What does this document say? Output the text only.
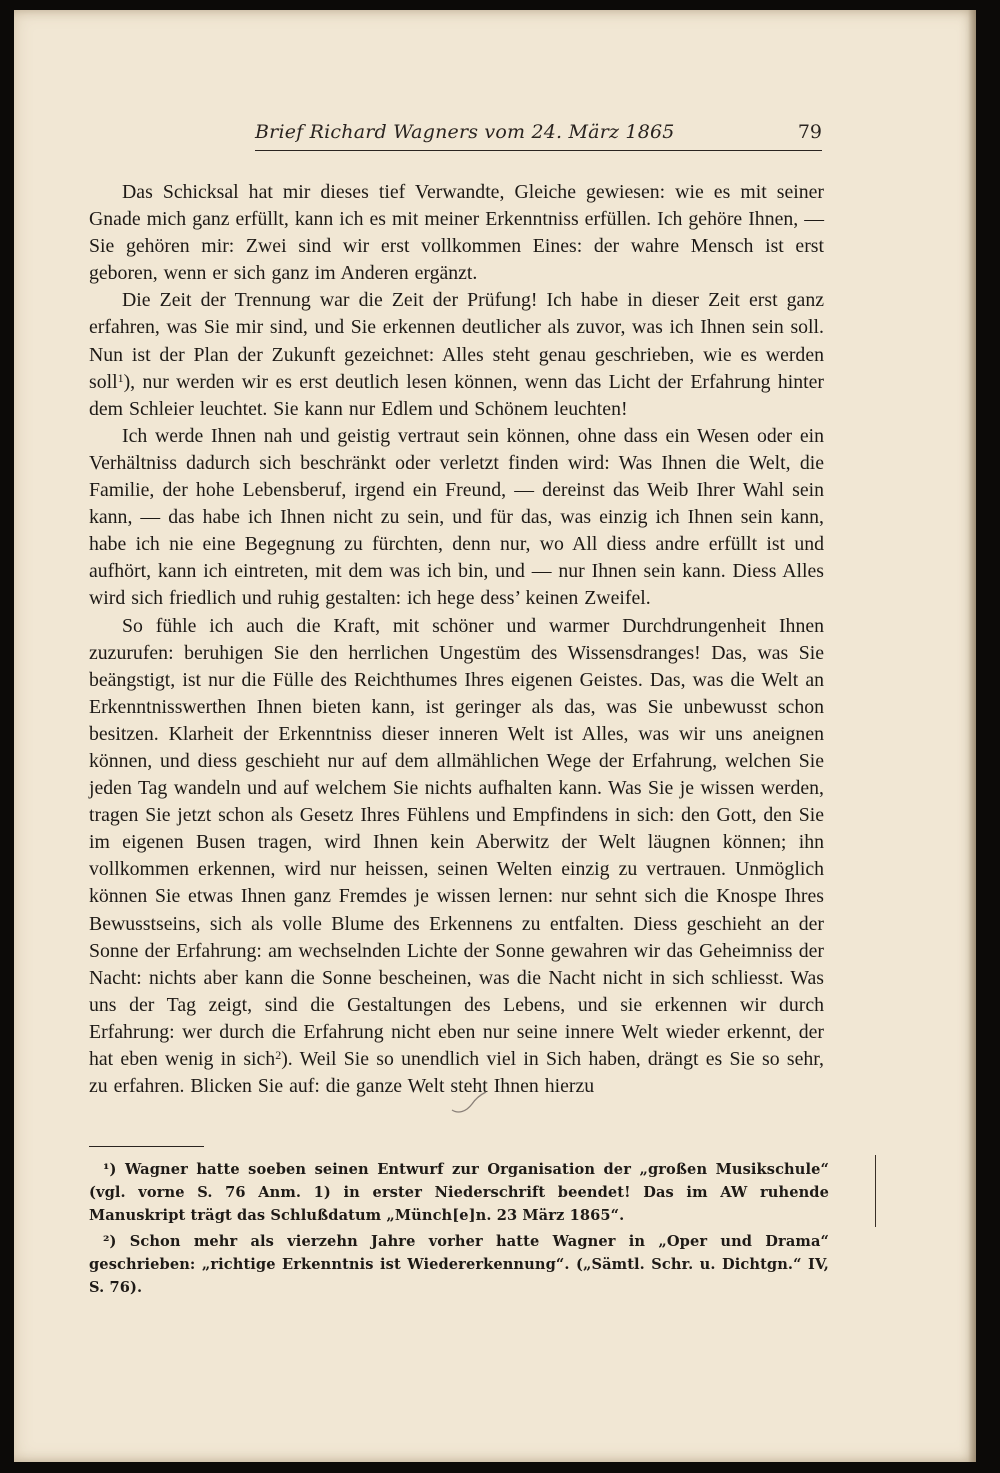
Brief Richard Wagners vom 24. März 1865	79

Das Schicksal hat mir dieses tief Verwandte, Gleiche gewiesen: wie es mit seiner Gnade mich ganz erfüllt, kann ich es mit meiner Erkenntniss erfüllen. Ich gehöre Ihnen, — Sie gehören mir: Zwei sind wir erst vollkommen Eines: der wahre Mensch ist erst geboren, wenn er sich ganz im Anderen ergänzt.

Die Zeit der Trennung war die Zeit der Prüfung! Ich habe in dieser Zeit erst ganz erfahren, was Sie mir sind, und Sie erkennen deutlicher als zuvor, was ich Ihnen sein soll. Nun ist der Plan der Zukunft gezeichnet: Alles steht genau geschrieben, wie es werden soll$^1$), nur werden wir es erst deutlich lesen können, wenn das Licht der Erfahrung hinter dem Schleier leuchtet. Sie kann nur Edlem und Schönem leuchten!

Ich werde Ihnen nah und geistig vertraut sein können, ohne dass ein Wesen oder ein Verhältniss dadurch sich beschränkt oder verletzt finden wird: Was Ihnen die Welt, die Familie, der hohe Lebensberuf, irgend ein Freund, — dereinst das Weib Ihrer Wahl sein kann, — das habe ich Ihnen nicht zu sein, und für das, was einzig ich Ihnen sein kann, habe ich nie eine Begegnung zu fürchten, denn nur, wo All diess andre erfüllt ist und aufhört, kann ich eintreten, mit dem was ich bin, und — nur Ihnen sein kann. Diess Alles wird sich friedlich und ruhig gestalten: ich hege dess’ keinen Zweifel.

So fühle ich auch die Kraft, mit schöner und warmer Durchdrungenheit Ihnen zuzurufen: beruhigen Sie den herrlichen Ungestüm des Wissensdranges! Das, was Sie beängstigt, ist nur die Fülle des Reichthumes Ihres eigenen Geistes. Das, was die Welt an Erkenntnisswerthen Ihnen bieten kann, ist geringer als das, was Sie unbewusst schon besitzen. Klarheit der Erkenntniss dieser inneren Welt ist Alles, was wir uns aneignen können, und diess geschieht nur auf dem allmählichen Wege der Erfahrung, welchen Sie jeden Tag wandeln und auf welchem Sie nichts aufhalten kann. Was Sie je wissen werden, tragen Sie jetzt schon als Gesetz Ihres Fühlens und Empfindens in sich: den Gott, den Sie im eigenen Busen tragen, wird Ihnen kein Aberwitz der Welt läugnen können; ihn vollkommen erkennen, wird nur heissen, seinen Welten einzig zu vertrauen. Unmöglich können Sie etwas Ihnen ganz Fremdes je wissen lernen: nur sehnt sich die Knospe Ihres Bewusstseins, sich als volle Blume des Erkennens zu entfalten. Diess geschieht an der Sonne der Erfahrung: am wechselnden Lichte der Sonne gewahren wir das Geheimniss der Nacht: nichts aber kann die Sonne bescheinen, was die Nacht nicht in sich schliesst. Was uns der Tag zeigt, sind die Gestaltungen des Lebens, und sie erkennen wir durch Erfahrung: wer durch die Erfahrung nicht eben nur seine innere Welt wieder erkennt, der hat eben wenig in sich$^2$). Weil Sie so unendlich viel in Sich haben, drängt es Sie so sehr, zu erfahren. Blicken Sie auf: die ganze Welt steht Ihnen hierzu

¹) Wagner hatte soeben seinen Entwurf zur Organisation der „großen Musikschule“ (vgl. vorne S. 76 Anm. 1) in erster Niederschrift beendet! Das im AW ruhende Manuskript trägt das Schlußdatum „Münch[e]n. 23 März 1865“.

²) Schon mehr als vierzehn Jahre vorher hatte Wagner in „Oper und Drama“ geschrieben: „richtige Erkenntnis ist Wiedererkennung“. („Sämtl. Schr. u. Dichtgn.“ IV, S. 76).
